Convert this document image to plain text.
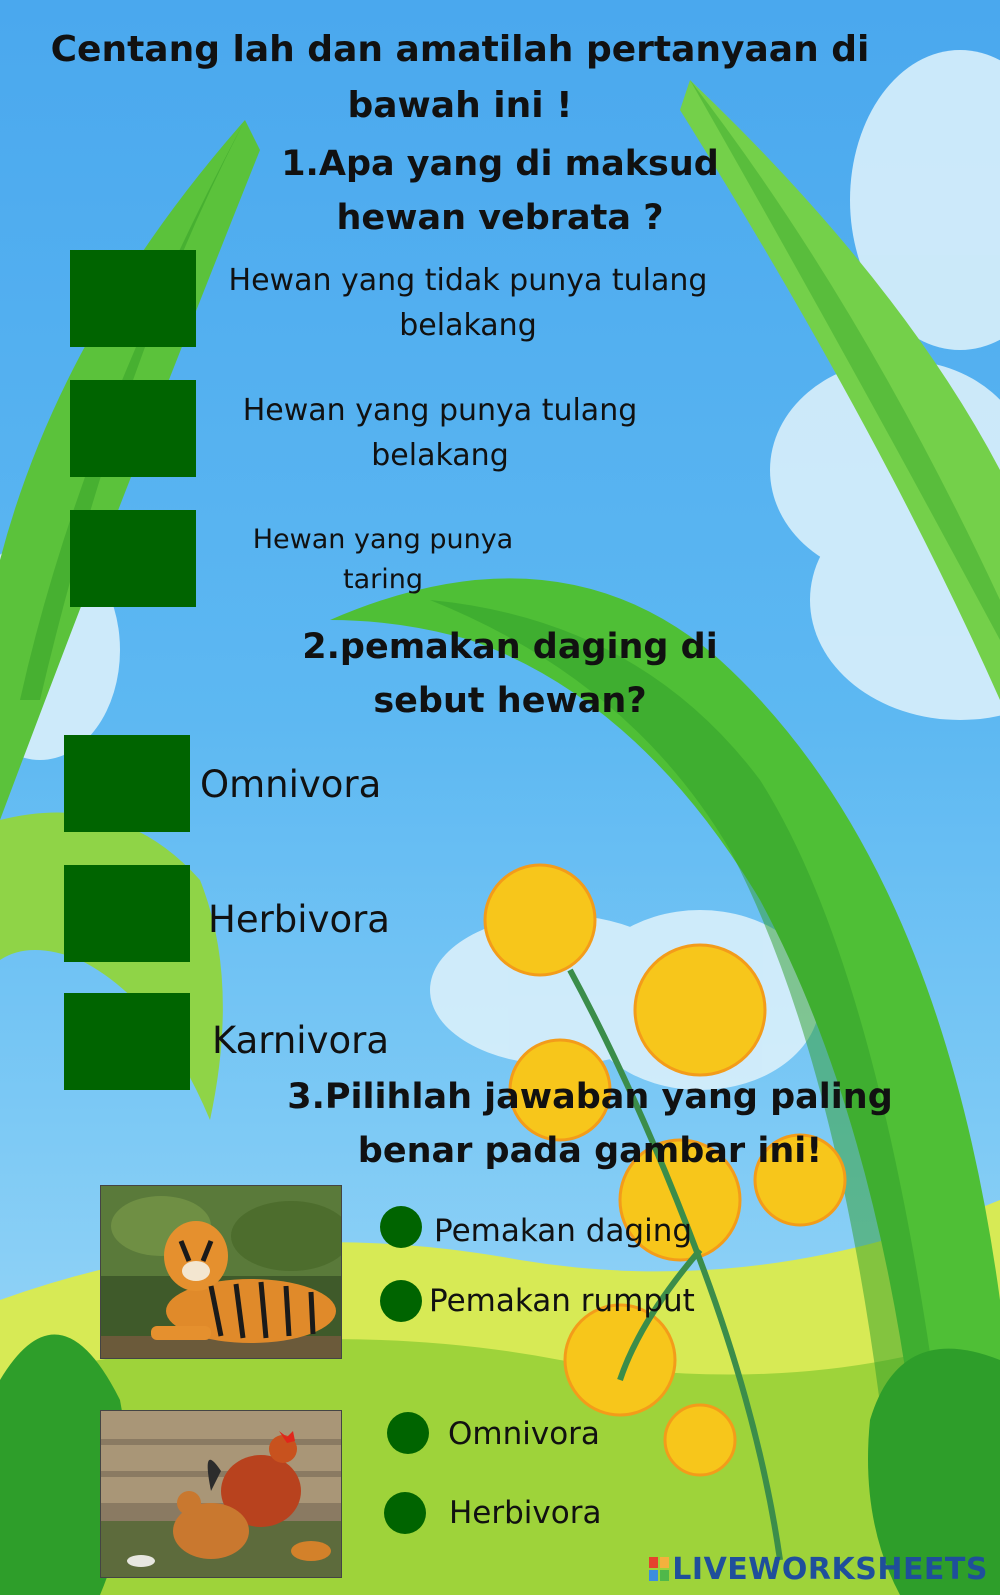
Centang lah dan amatilah pertanyaan di bawah ini !
1.Apa yang di maksud hewan vebrata ?
Hewan yang tidak punya tulang belakang
Hewan yang punya tulang belakang
Hewan yang punya taring
2.pemakan daging di sebut hewan?
Omnivora
Herbivora
Karnivora
3.Pilihlah jawaban yang paling benar pada gambar ini!
Pemakan daging
Pemakan rumput
Omnivora
Herbivora
LIVEWORKSHEETS
